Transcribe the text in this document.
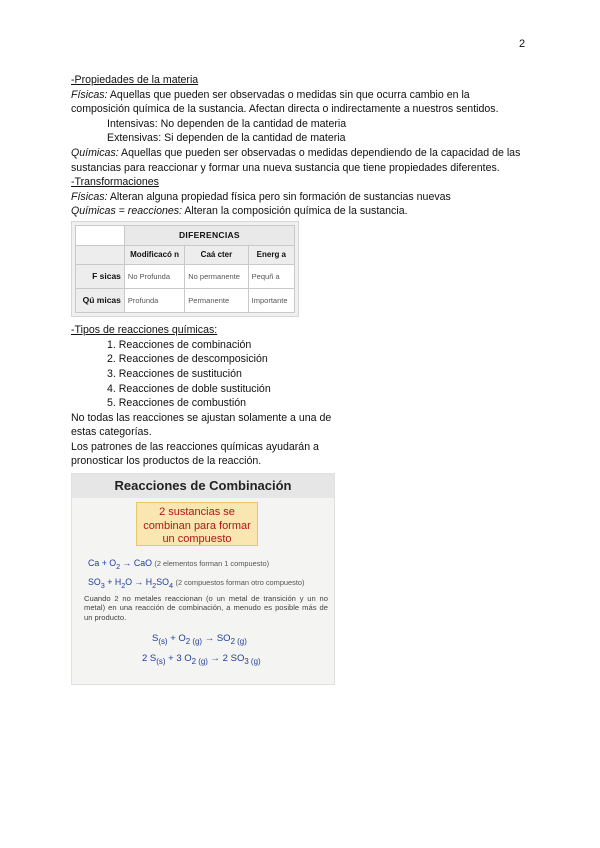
2
-Propiedades de la materia
Físicas: Aquellas que pueden ser observadas o medidas sin que ocurra cambio en la composición química de la sustancia. Afectan directa o indirectamente a nuestros sentidos.
Intensivas: No dependen de la cantidad de materia
Extensivas: Si dependen de la cantidad de materia
Químicas: Aquellas que pueden ser observadas o medidas dependiendo de la capacidad de las sustancias para reaccionar y formar una nueva sustancia que tiene propiedades diferentes.
-Transformaciones
Físicas: Alteran alguna propiedad física pero sin formación de sustancias nuevas
Químicas = reacciones: Alteran la composición química de la sustancia.
	DIFERENCIAS		
	Modificacó n	Caá cter	Energ a
F sicas	No Profunda	No permanente	Pequñ a
Qú micas	Profunda	Permanente	Importante
-Tipos de reacciones químicas:
1. Reacciones de combinación
2. Reacciones de descomposición
3. Reacciones de sustitución
4. Reacciones de doble sustitución
5. Reacciones de combustión
No todas las reacciones se ajustan solamente a una de estas categorías.
Los patrones de las reacciones químicas ayudarán a pronosticar los productos de la reacción.
Reacciones de Combinación
2 sustancias se
combinan para formar
un compuesto
$Ca + O_2$ → CaO (2 elementos forman 1 compuesto)
$SO_3 + H_2O \to H_2SO_4$ (2 compuestos forman otro compuesto)
Cuando 2 no metales reaccionan (o un metal de transición y un no metal) en una reacción de combinación, a menudo es posible más de un producto.
$S_{(s)} + O_{2 (g)} \to SO_{2 (g)}$
2 $S_{(s)} + 3$ $O_{2 (g)} \to 2$ $SO_{3 (g)}$
